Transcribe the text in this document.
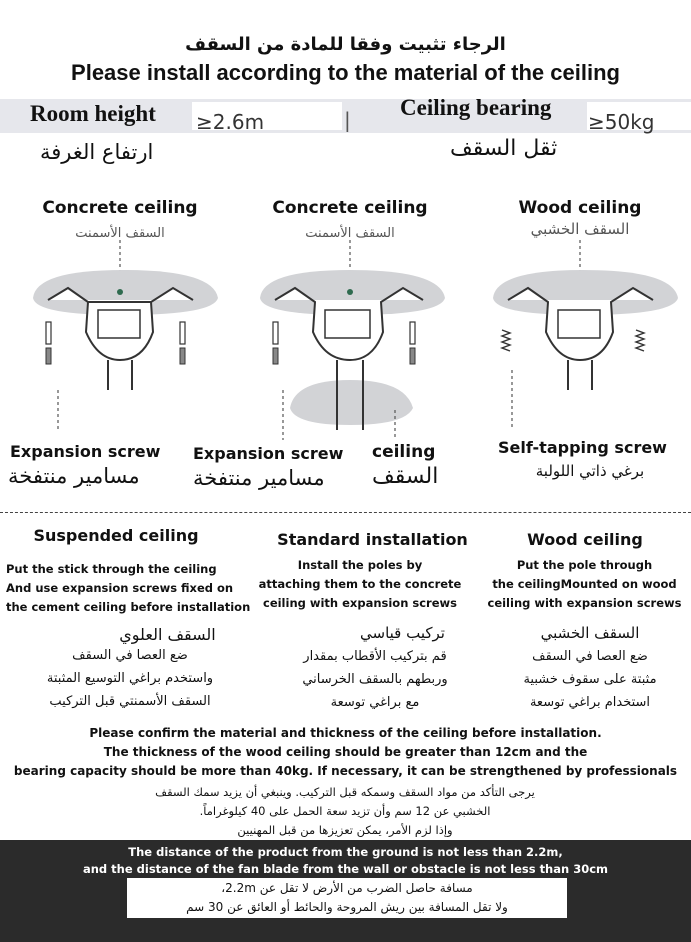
الرجاء تثبيت وفقا للمادة من السقف
Please install according to the material of the ceiling
Room height ≥2.6m	| Ceiling bearing
≥50kg
ارتفاع الغرفة	ثقل السقف
Concrete ceiling
السقف الأسمنت
Concrete ceiling
السقف الأسمنت
Wood ceiling
السقف الخشبي
Expansion screw
مسامير منتفخة
Expansion screw
مسامير منتفخة
ceiling
السقف
Self-tapping screw
برغي ذاتي اللولبة
Suspended ceiling
Put the stick through the ceiling
And use expansion screws fixed on
the cement ceiling before installation
السقف العلوي
ضع العصا في السقف
واستخدم براغي التوسيع المثبتة
السقف الأسمنتي قبل التركيب
Standard installation
Install the poles by
attaching them to the concrete
ceiling with expansion screws
تركيب قياسي
قم بتركيب الأقطاب بمقدار
وربطهم بالسقف الخرساني
مع براغي توسعة
Wood ceiling
Put the pole through
the ceilingMounted on wood
ceiling with expansion screws
السقف الخشبي
ضع العصا في السقف
مثبتة على سقوف خشبية
استخدام براغي توسعة
Please confirm the material and thickness of the ceiling before installation.
The thickness of the wood ceiling should be greater than 12cm and the
bearing capacity should be more than 40kg. If necessary, it can be strengthened by professionals
يرجى التأكد من مواد السقف وسمكه قبل التركيب. وينبغي أن يزيد سمك السقف
الخشبي عن 12 سم وأن تزيد سعة الحمل على 40 كيلوغراماً.
وإذا لزم الأمر، يمكن تعزيزها من قبل المهنيين
The distance of the product from the ground is not less than 2.2m,
and the distance of the fan blade from the wall or obstacle is not less than 30cm
مسافة حاصل الضرب من الأرض لا تقل عن 2.2m،
ولا تقل المسافة بين ريش المروحة والحائط أو العائق عن 30 سم
